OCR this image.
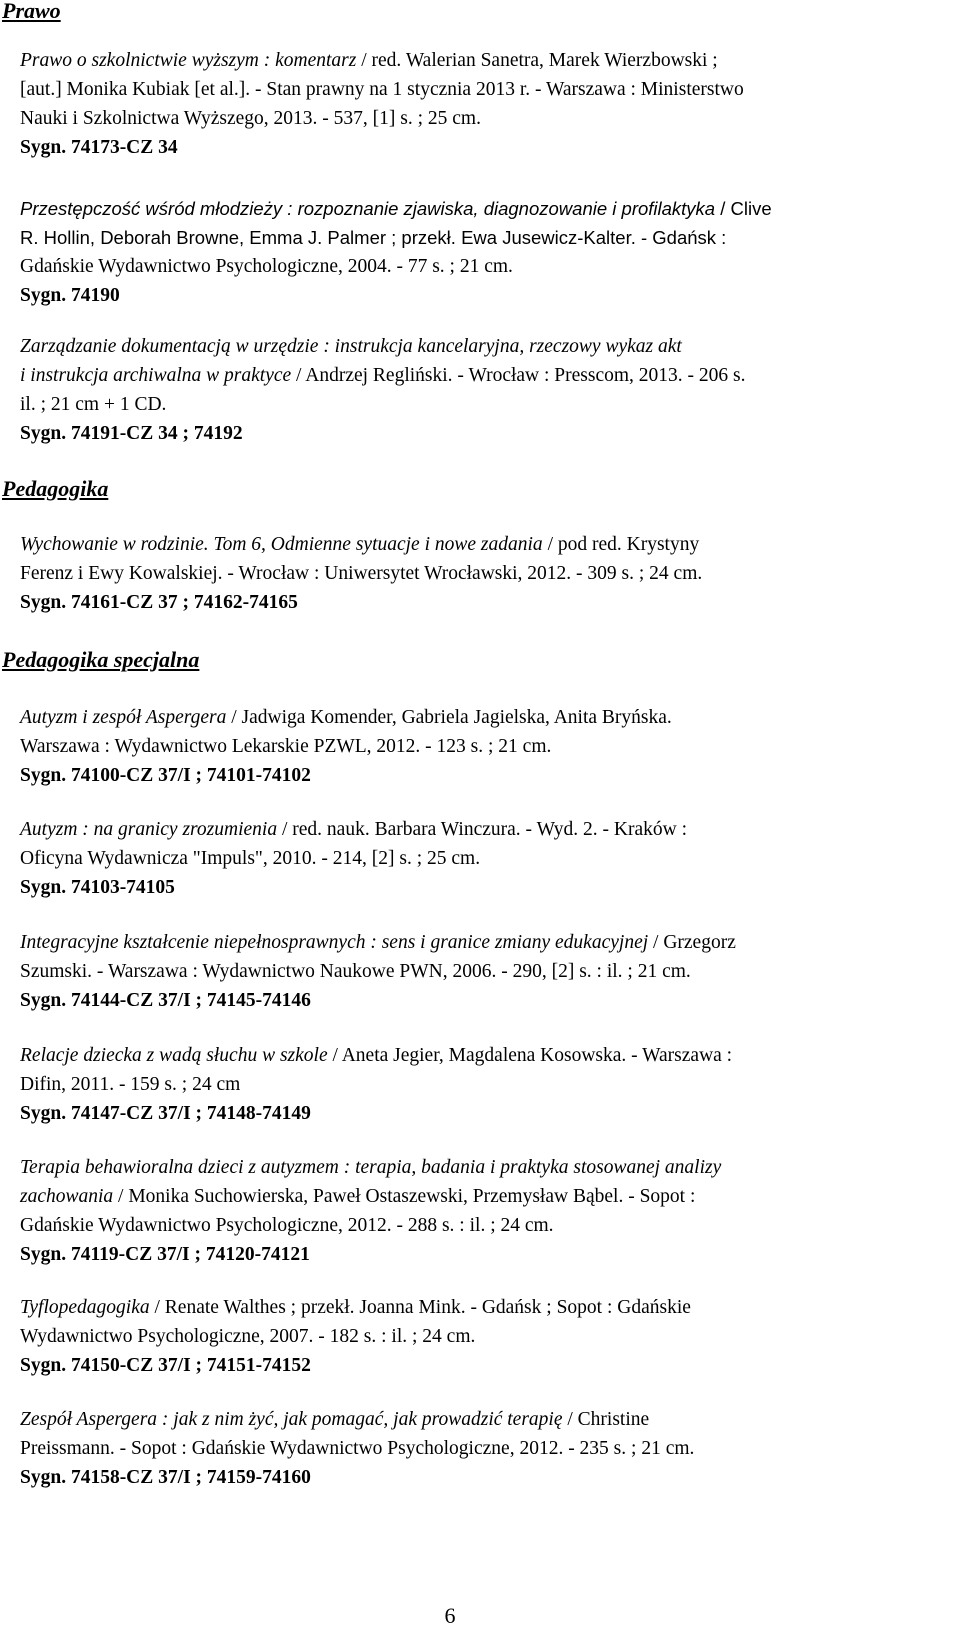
Prawo
Prawo o szkolnictwie wyższym : komentarz / red. Walerian Sanetra, Marek Wierzbowski ;
[aut.] Monika Kubiak [et al.]. - Stan prawny na 1 stycznia 2013 r. - Warszawa : Ministerstwo
Nauki i Szkolnictwa Wyższego, 2013. - 537, [1] s. ; 25 cm.
Sygn. 74173-CZ 34
Przestępczość wśród młodzieży : rozpoznanie zjawiska, diagnozowanie i profilaktyka / Clive
R. Hollin, Deborah Browne, Emma J. Palmer ; przekł. Ewa Jusewicz-Kalter. - Gdańsk :
Gdańskie Wydawnictwo Psychologiczne, 2004. - 77 s. ; 21 cm.
Sygn. 74190
Zarządzanie dokumentacją w urzędzie : instrukcja kancelaryjna, rzeczowy wykaz akt
i instrukcja archiwalna w praktyce / Andrzej Regliński. - Wrocław : Presscom, 2013. - 206 s.
il. ; 21 cm + 1 CD.
Sygn. 74191-CZ 34 ; 74192
Pedagogika
Wychowanie w rodzinie. Tom 6, Odmienne sytuacje i nowe zadania / pod red. Krystyny
Ferenz i Ewy Kowalskiej. - Wrocław : Uniwersytet Wrocławski, 2012. - 309 s. ; 24 cm.
Sygn. 74161-CZ 37 ; 74162-74165
Pedagogika specjalna
Autyzm i zespół Aspergera / Jadwiga Komender, Gabriela Jagielska, Anita Bryńska.
Warszawa : Wydawnictwo Lekarskie PZWL, 2012. - 123 s. ; 21 cm.
Sygn. 74100-CZ 37/I ; 74101-74102
Autyzm : na granicy zrozumienia / red. nauk. Barbara Winczura. - Wyd. 2. - Kraków :
Oficyna Wydawnicza "Impuls", 2010. - 214, [2] s. ; 25 cm.
Sygn. 74103-74105
Integracyjne kształcenie niepełnosprawnych : sens i granice zmiany edukacyjnej / Grzegorz
Szumski. - Warszawa : Wydawnictwo Naukowe PWN, 2006. - 290, [2] s. : il. ; 21 cm.
Sygn. 74144-CZ 37/I ; 74145-74146
Relacje dziecka z wadą słuchu w szkole / Aneta Jegier, Magdalena Kosowska. - Warszawa :
Difin, 2011. - 159 s. ; 24 cm
Sygn. 74147-CZ 37/I ; 74148-74149
Terapia behawioralna dzieci z autyzmem : terapia, badania i praktyka stosowanej analizy
zachowania / Monika Suchowierska, Paweł Ostaszewski, Przemysław Bąbel. - Sopot :
Gdańskie Wydawnictwo Psychologiczne, 2012. - 288 s. : il. ; 24 cm.
Sygn. 74119-CZ 37/I ; 74120-74121
Tyflopedagogika / Renate Walthes ; przekł. Joanna Mink. - Gdańsk ; Sopot : Gdańskie
Wydawnictwo Psychologiczne, 2007. - 182 s. : il. ; 24 cm.
Sygn. 74150-CZ 37/I ; 74151-74152
Zespół Aspergera : jak z nim żyć, jak pomagać, jak prowadzić terapię / Christine
Preissmann. - Sopot : Gdańskie Wydawnictwo Psychologiczne, 2012. - 235 s. ; 21 cm.
Sygn. 74158-CZ 37/I ; 74159-74160
6
